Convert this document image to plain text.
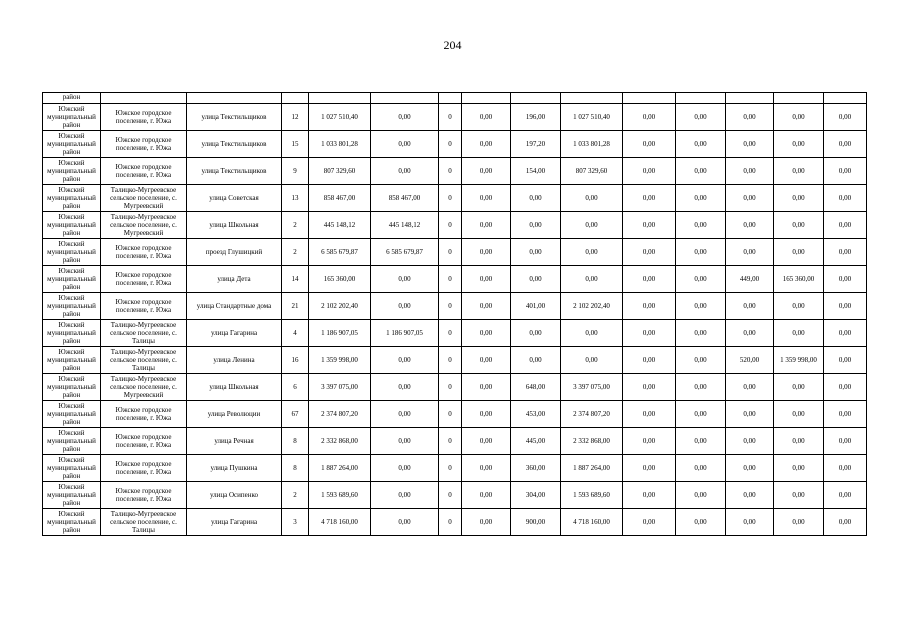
204
район														
Южский муниципальный район	Южское городское поселение, г. Южа	улица Текстильщиков	12	1 027 510,40	0,00	0	0,00	196,00	1 027 510,40	0,00	0,00	0,00	0,00	0,00
Южский муниципальный район	Южское городское поселение, г. Южа	улица Текстильщиков	15	1 033 801,28	0,00	0	0,00	197,20	1 033 801,28	0,00	0,00	0,00	0,00	0,00
Южский муниципальный район	Южское городское поселение, г. Южа	улица Текстильщиков	9	807 329,60	0,00	0	0,00	154,00	807 329,60	0,00	0,00	0,00	0,00	0,00
Южский муниципальный район	Талицко-Мугреевское сельское поселение, с. Мугреевский	улица Советская	13	858 467,00	858 467,00	0	0,00	0,00	0,00	0,00	0,00	0,00	0,00	0,00
Южский муниципальный район	Талицко-Мугреевское сельское поселение, с. Мугреевский	улица Школьная	2	445 148,12	445 148,12	0	0,00	0,00	0,00	0,00	0,00	0,00	0,00	0,00
Южский муниципальный район	Южское городское поселение, г. Южа	проезд Глушицкий	2	6 585 679,87	6 585 679,87	0	0,00	0,00	0,00	0,00	0,00	0,00	0,00	0,00
Южский муниципальный район	Южское городское поселение, г. Южа	улица Дета	14	165 360,00	0,00	0	0,00	0,00	0,00	0,00	0,00	449,00	165 360,00	0,00
Южский муниципальный район	Южское городское поселение, г. Южа	улица Стандартные дома	21	2 102 202,40	0,00	0	0,00	401,00	2 102 202,40	0,00	0,00	0,00	0,00	0,00
Южский муниципальный район	Талицко-Мугреевское сельское поселение, с. Талицы	улица Гагарина	4	1 186 907,05	1 186 907,05	0	0,00	0,00	0,00	0,00	0,00	0,00	0,00	0,00
Южский муниципальный район	Талицко-Мугреевское сельское поселение, с. Талицы	улица Ленина	16	1 359 998,00	0,00	0	0,00	0,00	0,00	0,00	0,00	520,00	1 359 998,00	0,00
Южский муниципальный район	Талицко-Мугреевское сельское поселение, с. Мугреевский	улица Школьная	6	3 397 075,00	0,00	0	0,00	648,00	3 397 075,00	0,00	0,00	0,00	0,00	0,00
Южский муниципальный район	Южское городское поселение, г. Южа	улица Революции	67	2 374 807,20	0,00	0	0,00	453,00	2 374 807,20	0,00	0,00	0,00	0,00	0,00
Южский муниципальный район	Южское городское поселение, г. Южа	улица Речная	8	2 332 868,00	0,00	0	0,00	445,00	2 332 868,00	0,00	0,00	0,00	0,00	0,00
Южский муниципальный район	Южское городское поселение, г. Южа	улица Пушкина	8	1 887 264,00	0,00	0	0,00	360,00	1 887 264,00	0,00	0,00	0,00	0,00	0,00
Южский муниципальный район	Южское городское поселение, г. Южа	улица Осипенко	2	1 593 689,60	0,00	0	0,00	304,00	1 593 689,60	0,00	0,00	0,00	0,00	0,00
Южский муниципальный район	Талицко-Мугреевское сельское поселение, с. Талицы	улица Гагарина	3	4 718 160,00	0,00	0	0,00	900,00	4 718 160,00	0,00	0,00	0,00	0,00	0,00
